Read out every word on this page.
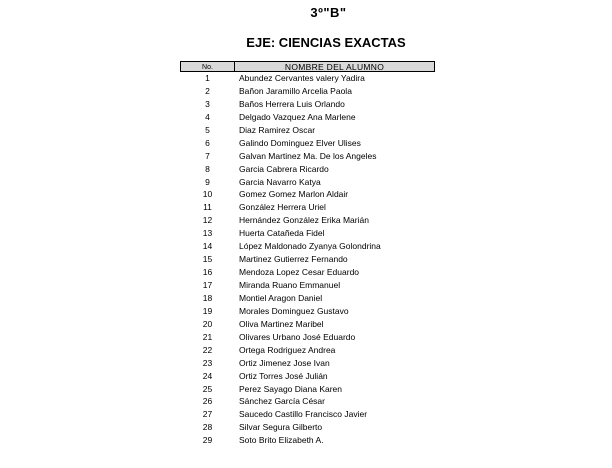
3º"B"
EJE: CIENCIAS EXACTAS
No.	NOMBRE DEL ALUMNO
1	Abundez Cervantes valery Yadira
2	Bañon Jaramillo Arcelia Paola
3	Baños Herrera Luis Orlando
4	Delgado Vazquez Ana Marlene
5	Diaz Ramirez Oscar
6	Galindo Dominguez Elver Ulises
7	Galvan Martinez Ma. De los Angeles
8	Garcia Cabrera Ricardo
9	Garcia Navarro Katya
10	Gomez Gomez Marlon Aldair
11	González Herrera Uriel
12	Hernández González Erika Marián
13	Huerta Catañeda Fidel
14	López Maldonado Zyanya Golondrina
15	Martinez Gutierrez Fernando
16	Mendoza Lopez Cesar Eduardo
17	Miranda Ruano Emmanuel
18	Montiel Aragon Daniel
19	Morales Dominguez Gustavo
20	Oliva Martinez Maribel
21	Olivares Urbano José Eduardo
22	Ortega Rodriguez Andrea
23	Ortiz Jimenez Jose Ivan
24	Ortiz Torres José Julián
25	Perez Sayago Diana Karen
26	Sánchez García César
27	Saucedo Castillo Francisco Javier
28	Silvar Segura Gilberto
29	Soto Brito Elizabeth A.
